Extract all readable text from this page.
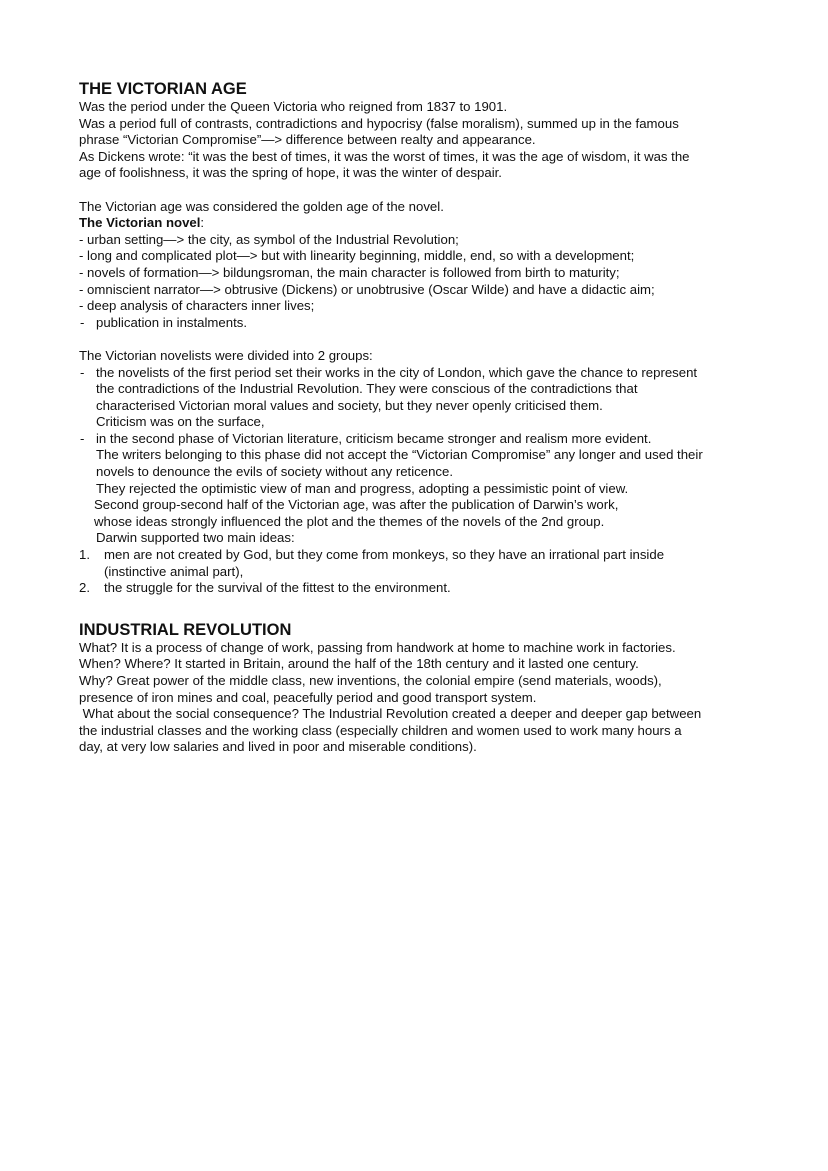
THE VICTORIAN AGE

Was the period under the Queen Victoria who reigned from 1837 to 1901.

Was a period full of contrasts, contradictions and hypocrisy (false moralism), summed up in the famous

phrase “Victorian Compromise”—> difference between realty and appearance.

As Dickens wrote: “it was the best of times, it was the worst of times, it was the age of wisdom, it was the

age of foolishness, it was the spring of hope, it was the winter of despair.

The Victorian age was considered the golden age of the novel.

The Victorian novel:

- urban setting—> the city, as symbol of the Industrial Revolution;

- long and complicated plot—> but with linearity beginning, middle, end, so with a development;

- novels of formation—> bildungsroman, the main character is followed from birth to maturity;

- omniscient narrator—> obtrusive (Dickens) or unobtrusive (Oscar Wilde) and have a didactic aim;

- deep analysis of characters inner lives;

- publication in instalments.

The Victorian novelists were divided into 2 groups:

- the novelists of the first period set their works in the city of London, which gave the chance to represent

the contradictions of the Industrial Revolution. They were conscious of the contradictions that

characterised Victorian moral values and society, but they never openly criticised them.

Criticism was on the surface,

- in the second phase of Victorian literature, criticism became stronger and realism more evident.

The writers belonging to this phase did not accept the “Victorian Compromise” any longer and used their

novels to denounce the evils of society without any reticence.

They rejected the optimistic view of man and progress, adopting a pessimistic point of view.

Second group-second half of the Victorian age, was after the publication of Darwin’s work,

whose ideas strongly influenced the plot and the themes of the novels of the 2nd group.

Darwin supported two main ideas:

1. men are not created by God, but they come from monkeys, so they have an irrational part inside

(instinctive animal part),

2. the struggle for the survival of the fittest to the environment.

INDUSTRIAL REVOLUTION

What? It is a process of change of work, passing from handwork at home to machine work in factories.

When? Where? It started in Britain, around the half of the 18th century and it lasted one century.

Why? Great power of the middle class, new inventions, the colonial empire (send materials, woods),

presence of iron mines and coal, peacefully period and good transport system.

What about the social consequence? The Industrial Revolution created a deeper and deeper gap between

the industrial classes and the working class (especially children and women used to work many hours a

day, at very low salaries and lived in poor and miserable conditions).
